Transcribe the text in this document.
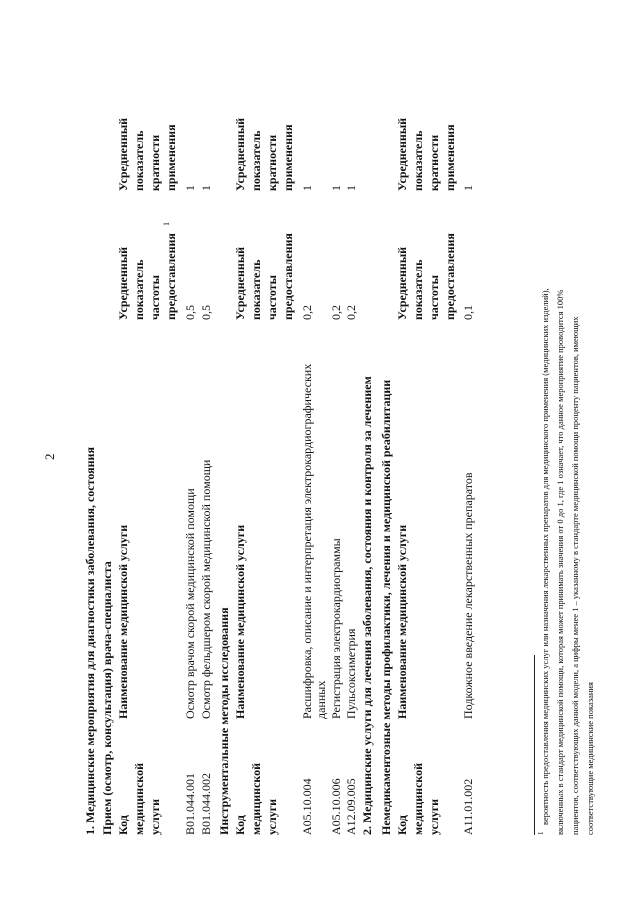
2 1. Медицинские мероприятия для диагностики заболевания, состояния Прием (осмотр, консультация) врача-специалиста Код медицинской услуги
Наименование медицинской услуги
Усредненный показатель частоты предоставления
1
Усредненный показатель кратности применения
B01.044.001
Осмотр врачом скорой медицинской помощи
0,5
1
B01.044.002
Осмотр фельдшером скорой медицинской помощи
0,5
1
Инструментальные методы исследования Код медицинской услуги
Наименование медицинской услуги
Усредненный показатель частоты предоставления
Усредненный показатель кратности применения
A05.10.004
Расшифровка, описание и интерпретация электрокардиографических данных
0,2
1
A05.10.006
Регистрация электрокардиограммы
0,2
1
A12.09.005
Пульсоксиметрия
0,2
1
2. Медицинские услуги для лечения заболевания, состояния и контроля за лечением Немедикаментозные методы профилактики, лечения и медицинской реабилитации Код медицинской услуги
Наименование медицинской услуги
Усредненный показатель частоты предоставления
Усредненный показатель кратности применения
A11.01.002
Подкожное введение лекарственных препаратов
0,1
1
1
вероятность предоставления медицинских услуг или назначения лекарственных препаратов для медицинского применения (медицинских изделий), включенных в стандарт медицинской помощи, которая может принимать значения от 0 до 1, где 1 означает, что данное мероприятие проводится 100% пациентов, соответствующих данной модели, а цифры менее 1 – указанному в стандарте медицинской помощи проценту пациентов, имеющих соответствующие медицинские показания
